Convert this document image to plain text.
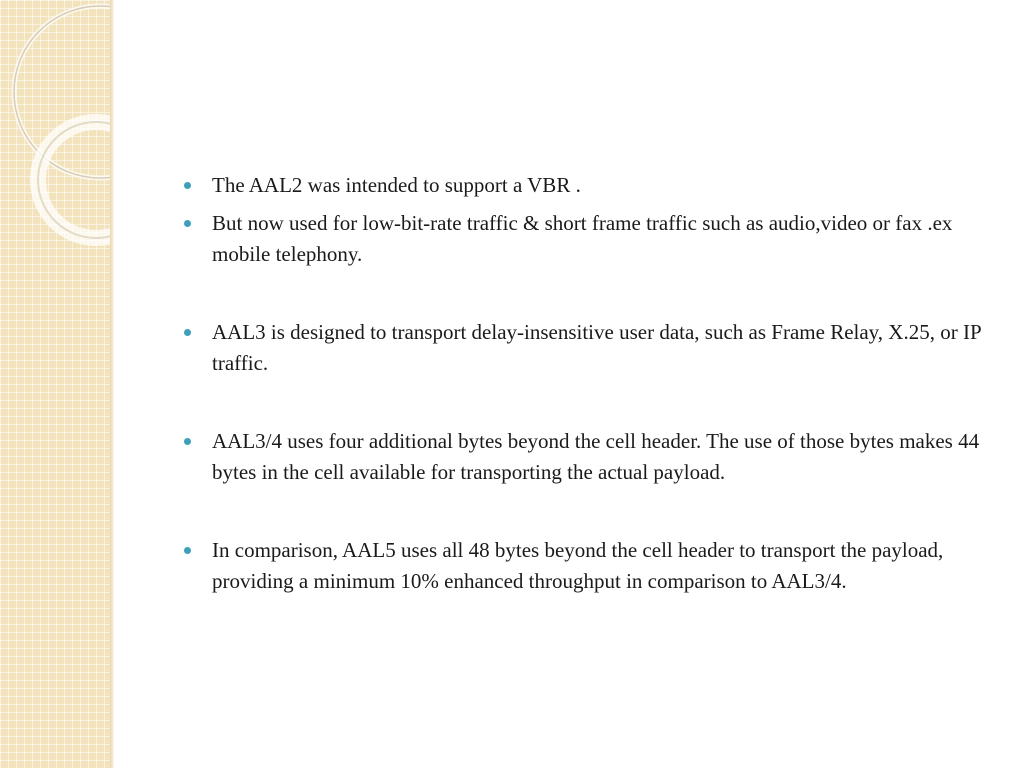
The AAL2 was intended to support a VBR .
But now used for low-bit-rate traffic & short frame traffic such as audio,video or fax .ex mobile telephony.
AAL3 is designed to transport delay-insensitive user data, such as Frame Relay, X.25, or IP traffic.
AAL3/4 uses four additional bytes beyond the cell header. The use of those bytes makes 44 bytes in the cell available for transporting the actual payload.
In comparison, AAL5 uses all 48 bytes beyond the cell header to transport the payload, providing a minimum 10% enhanced throughput in comparison to AAL3/4.
